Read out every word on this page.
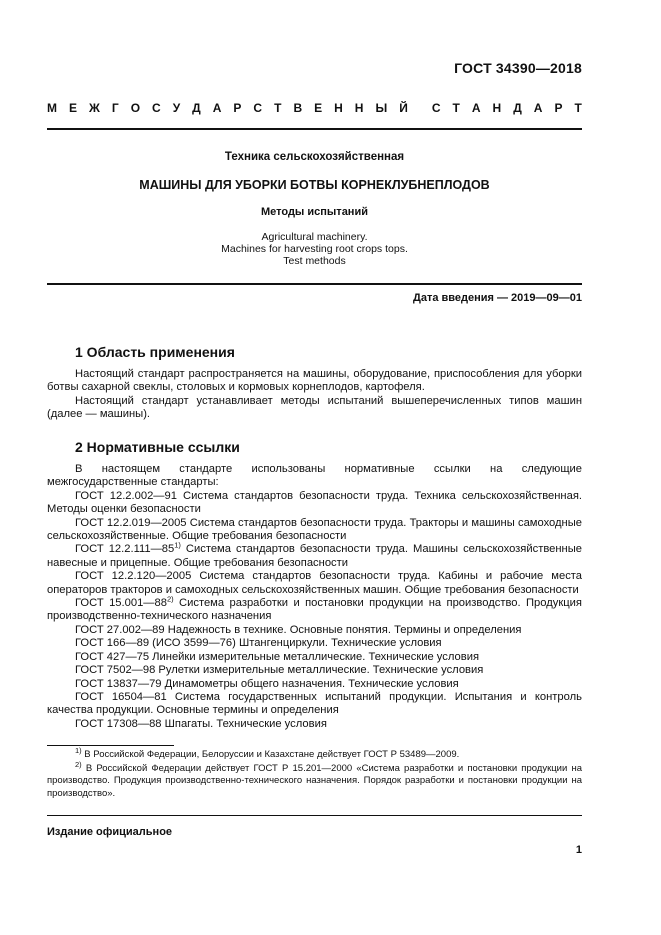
ГОСТ 34390—2018
М Е Ж Г О С У Д А Р С Т В Е Н Н Ы Й С Т А Н Д А Р Т
Техника сельскохозяйственная
МАШИНЫ ДЛЯ УБОРКИ БОТВЫ КОРНЕКЛУБНЕПЛОДОВ
Методы испытаний
Agricultural machinery.
Machines for harvesting root crops tops.
Test methods
Дата введения — 2019—09—01
1 Область применения

Настоящий стандарт распространяется на машины, оборудование, приспособления для уборки ботвы сахарной свеклы, столовых и кормовых корнеплодов, картофеля.

Настоящий стандарт устанавливает методы испытаний вышеперечисленных типов машин (далее — машины).

2 Нормативные ссылки

В настоящем стандарте использованы нормативные ссылки на следующие межгосударственные стандарты:

ГОСТ 12.2.002—91 Система стандартов безопасности труда. Техника сельскохозяйственная. Методы оценки безопасности

ГОСТ 12.2.019—2005 Система стандартов безопасности труда. Тракторы и машины самоходные сельскохозяйственные. Общие требования безопасности

ГОСТ 12.2.111—85$^{1)}$ Система стандартов безопасности труда. Машины сельскохозяйственные навесные и прицепные. Общие требования безопасности

ГОСТ 12.2.120—2005 Система стандартов безопасности труда. Кабины и рабочие места операторов тракторов и самоходных сельскохозяйственных машин. Общие требования безопасности

ГОСТ 15.001—88$^{2)}$ Система разработки и постановки продукции на производство. Продукция производственно-технического назначения

ГОСТ 27.002—89 Надежность в технике. Основные понятия. Термины и определения

ГОСТ 166—89 (ИСО 3599—76) Штангенциркули. Технические условия

ГОСТ 427—75 Линейки измерительные металлические. Технические условия

ГОСТ 7502—98 Рулетки измерительные металлические. Технические условия

ГОСТ 13837—79 Динамометры общего назначения. Технические условия

ГОСТ 16504—81 Система государственных испытаний продукции. Испытания и контроль качества продукции. Основные термины и определения

ГОСТ 17308—88 Шпагаты. Технические условия

$^{1)}$ В Российской Федерации, Белоруссии и Казахстане действует ГОСТ Р 53489—2009.

$^{2)}$ В Российской Федерации действует ГОСТ Р 15.201—2000 «Система разработки и постановки продукции на производство. Продукция производственно-технического назначения. Порядок разработки и постановки продукции на производство».

Издание официальное
1
